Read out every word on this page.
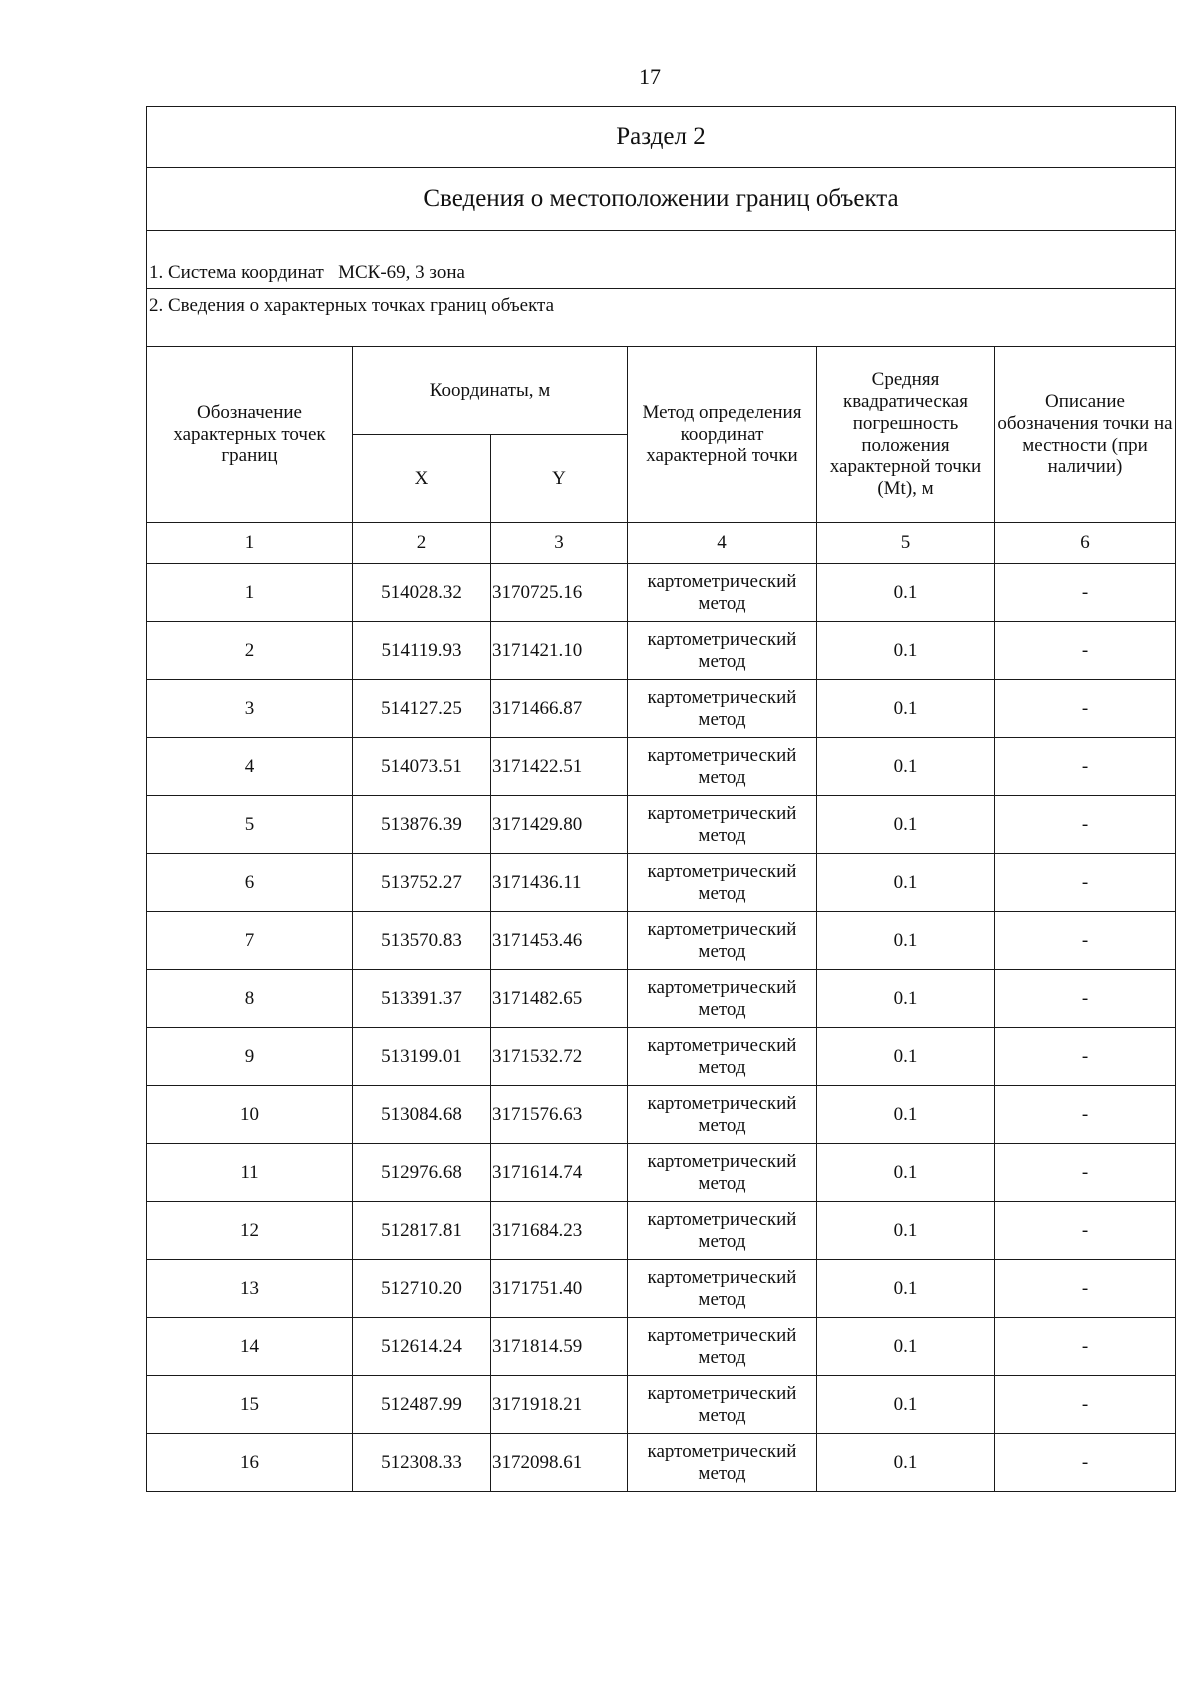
17
Раздел 2					
Сведения о местоположении границ объекта					
1. Система координат МСК-69, 3 зона					
2. Сведения о характерных точках границ объекта					
Обозначение характерных точек границ	Координаты, м		Метод определения координат характерной точки	Средняя квадратическая погрешность положения характерной точки (Mt), м	Описание обозначения точки на местности (при наличии)
	X	Y			
1	2	3	4	5	6
1	514028.32	3170725.16	картометрический метод	0.1	-
2	514119.93	3171421.10	картометрический метод	0.1	-
3	514127.25	3171466.87	картометрический метод	0.1	-
4	514073.51	3171422.51	картометрический метод	0.1	-
5	513876.39	3171429.80	картометрический метод	0.1	-
6	513752.27	3171436.11	картометрический метод	0.1	-
7	513570.83	3171453.46	картометрический метод	0.1	-
8	513391.37	3171482.65	картометрический метод	0.1	-
9	513199.01	3171532.72	картометрический метод	0.1	-
10	513084.68	3171576.63	картометрический метод	0.1	-
11	512976.68	3171614.74	картометрический метод	0.1	-
12	512817.81	3171684.23	картометрический метод	0.1	-
13	512710.20	3171751.40	картометрический метод	0.1	-
14	512614.24	3171814.59	картометрический метод	0.1	-
15	512487.99	3171918.21	картометрический метод	0.1	-
16	512308.33	3172098.61	картометрический метод	0.1	-
